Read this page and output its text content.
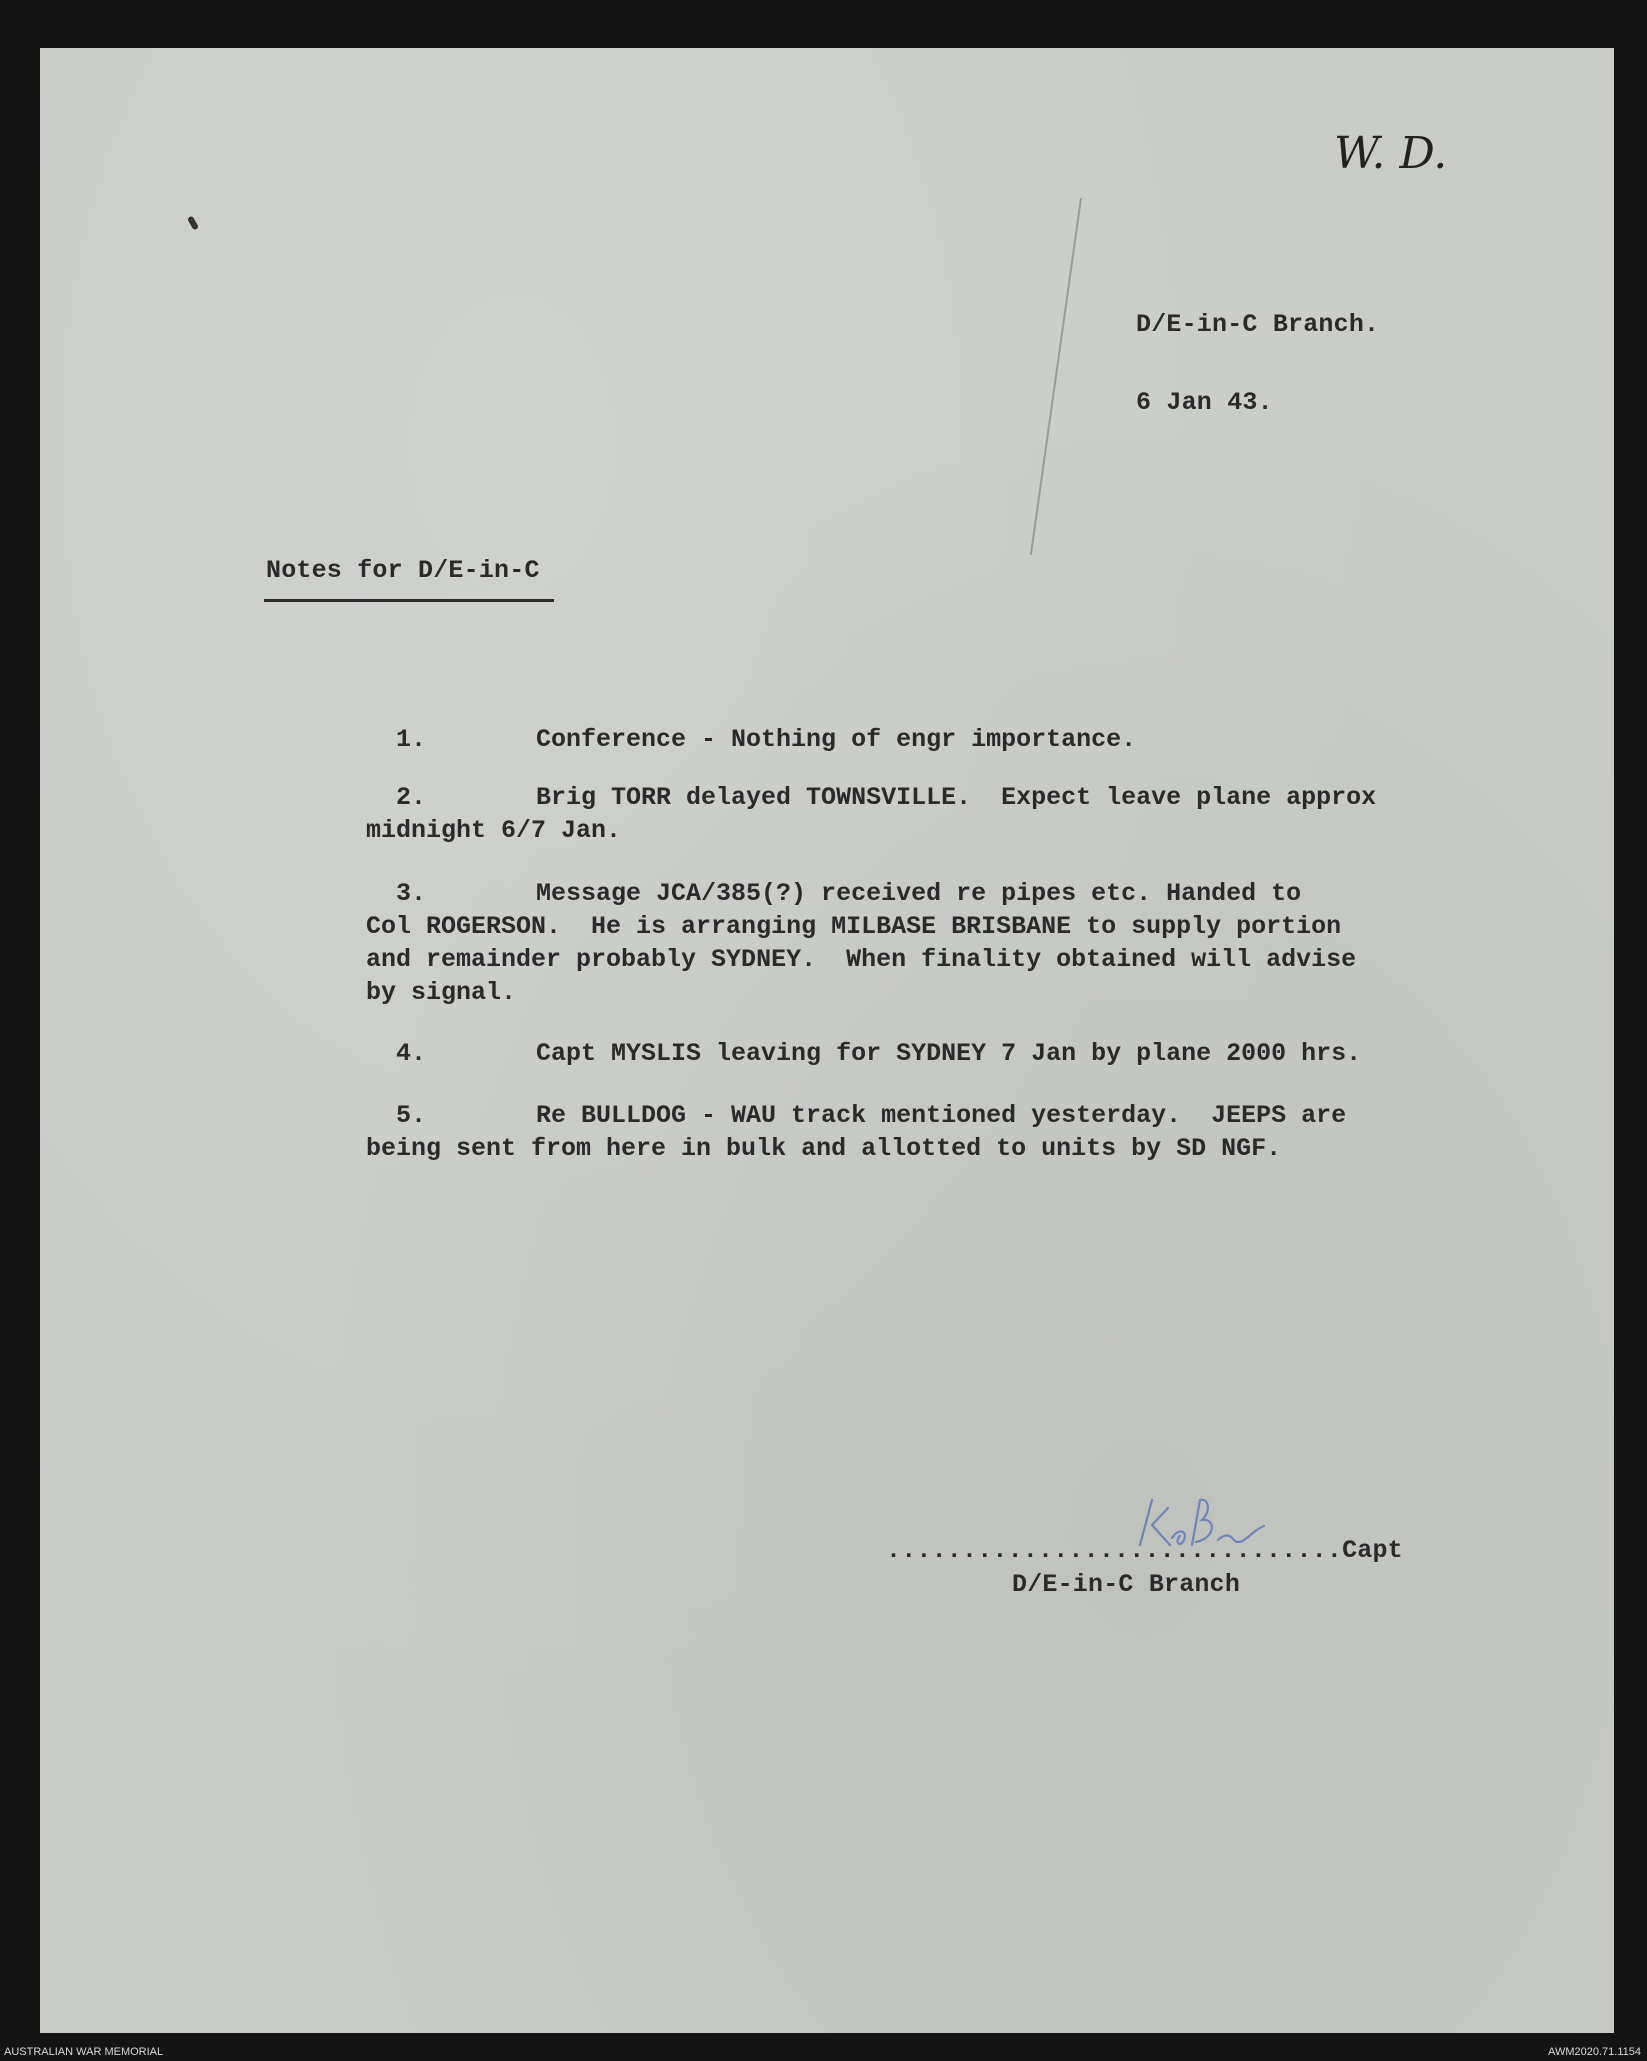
W. D.
D/E-in-C Branch.
6 Jan 43.
Notes for D/E-in-C

1.	Conference - Nothing of engr importance.

2.	Brig TORR delayed TOWNSVILLE.  Expect leave plane approx
midnight 6/7 Jan.

3.	Message JCA/385(?) received re pipes etc. Handed to
Col ROGERSON.  He is arranging MILBASE BRISBANE to supply portion
and remainder probably SYDNEY.  When finality obtained will advise
by signal.

4.	Capt MYSLIS leaving for SYDNEY 7 Jan by plane 2000 hrs.

5.	Re BULLDOG - WAU track mentioned yesterday.  JEEPS are
being sent from here in bulk and allotted to units by SD NGF.

..............................Capt
D/E-in-C Branch
AUSTRALIAN WAR MEMORIAL	AWM2020.71.1154
